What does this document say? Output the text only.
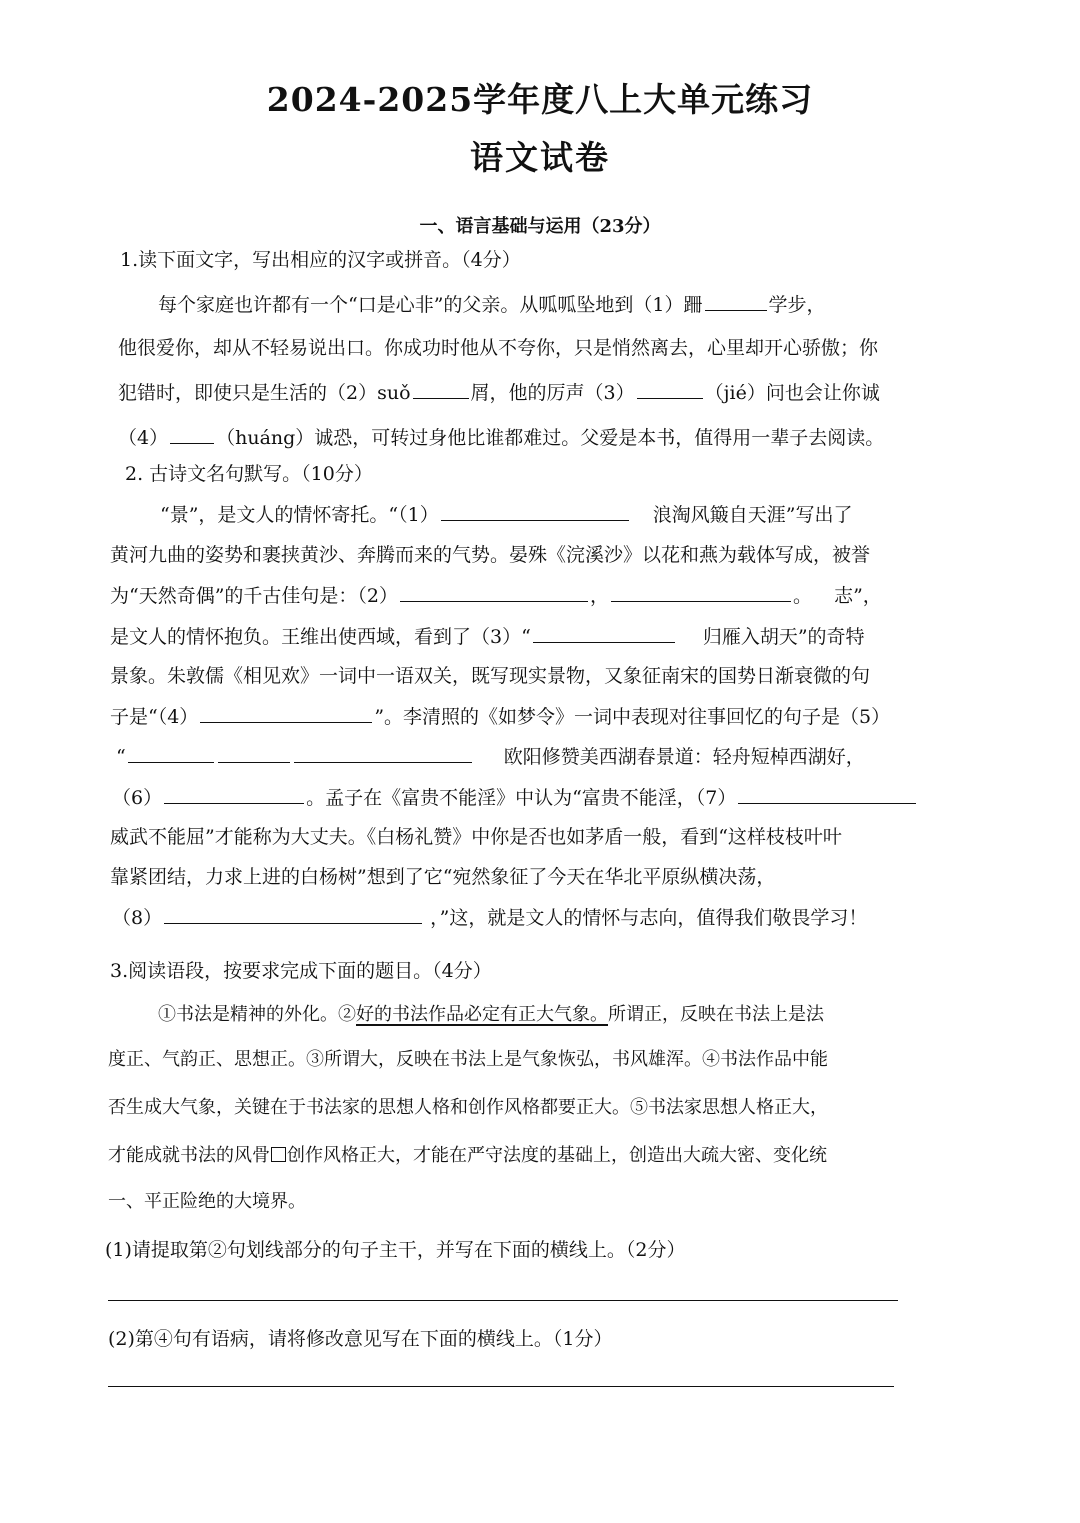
2024-2025学年度八上大单元练习
语文试卷
一、语言基础与运用（23分）
1.读下面文字，写出相应的汉字或拼音。（4分）
每个家庭也许都有一个“口是心非”的父亲。从呱呱坠地到（1）跚	学步，
他很爱你，却从不轻易说出口。你成功时他从不夸你，只是悄然离去，心里却开心骄傲；你
犯错时，即使只是生活的（2）suǒ	屑，他的厉声（3）	（jié）问也会让你诚
（4）	（huáng）诚恐，可转过身他比谁都难过。父爱是本书，值得用一辈子去阅读。
2. 古诗文名句默写。（10分）
“景”，是文人的情怀寄托。“（1）	浪淘风簸自天涯”写出了
黄河九曲的姿势和裹挟黄沙、奔腾而来的气势。晏殊《浣溪沙》以花和燕为载体写成，被誉
为“天然奇偶”的千古佳句是：（2）	，	。 志”，
是文人的情怀抱负。王维出使西域，看到了（3）“	归雁入胡天”的奇特
景象。朱敦儒《相见欢》一词中一语双关，既写现实景物，又象征南宋的国势日渐衰微的句
子是“（4）	”。李清照的《如梦令》一词中表现对往事回忆的句子是（5）
“	欧阳修赞美西湖春景道：轻舟短棹西湖好，
（6）	。孟子在《富贵不能淫》中认为“富贵不能淫，（7）
威武不能屈”才能称为大丈夫。《白杨礼赞》中你是否也如茅盾一般，看到“这样枝枝叶叶
靠紧团结，力求上进的白杨树”想到了它“宛然象征了今天在华北平原纵横决荡，
（8）	，”这，就是文人的情怀与志向，值得我们敬畏学习！
3.阅读语段，按要求完成下面的题目。（4分）
①书法是精神的外化。②好的书法作品必定有正大气象。所谓正，反映在书法上是法
度正、气韵正、思想正。③所谓大，反映在书法上是气象恢弘，书风雄浑。④书法作品中能
否生成大气象，关键在于书法家的思想人格和创作风格都要正大。⑤书法家思想人格正大，
才能成就书法的风骨 创作风格正大，才能在严守法度的基础上，创造出大疏大密、变化统
一、平正险绝的大境界。
(1)请提取第②句划线部分的句子主干，并写在下面的横线上。（2分）
(2)第④句有语病，请将修改意见写在下面的横线上。（1分）
